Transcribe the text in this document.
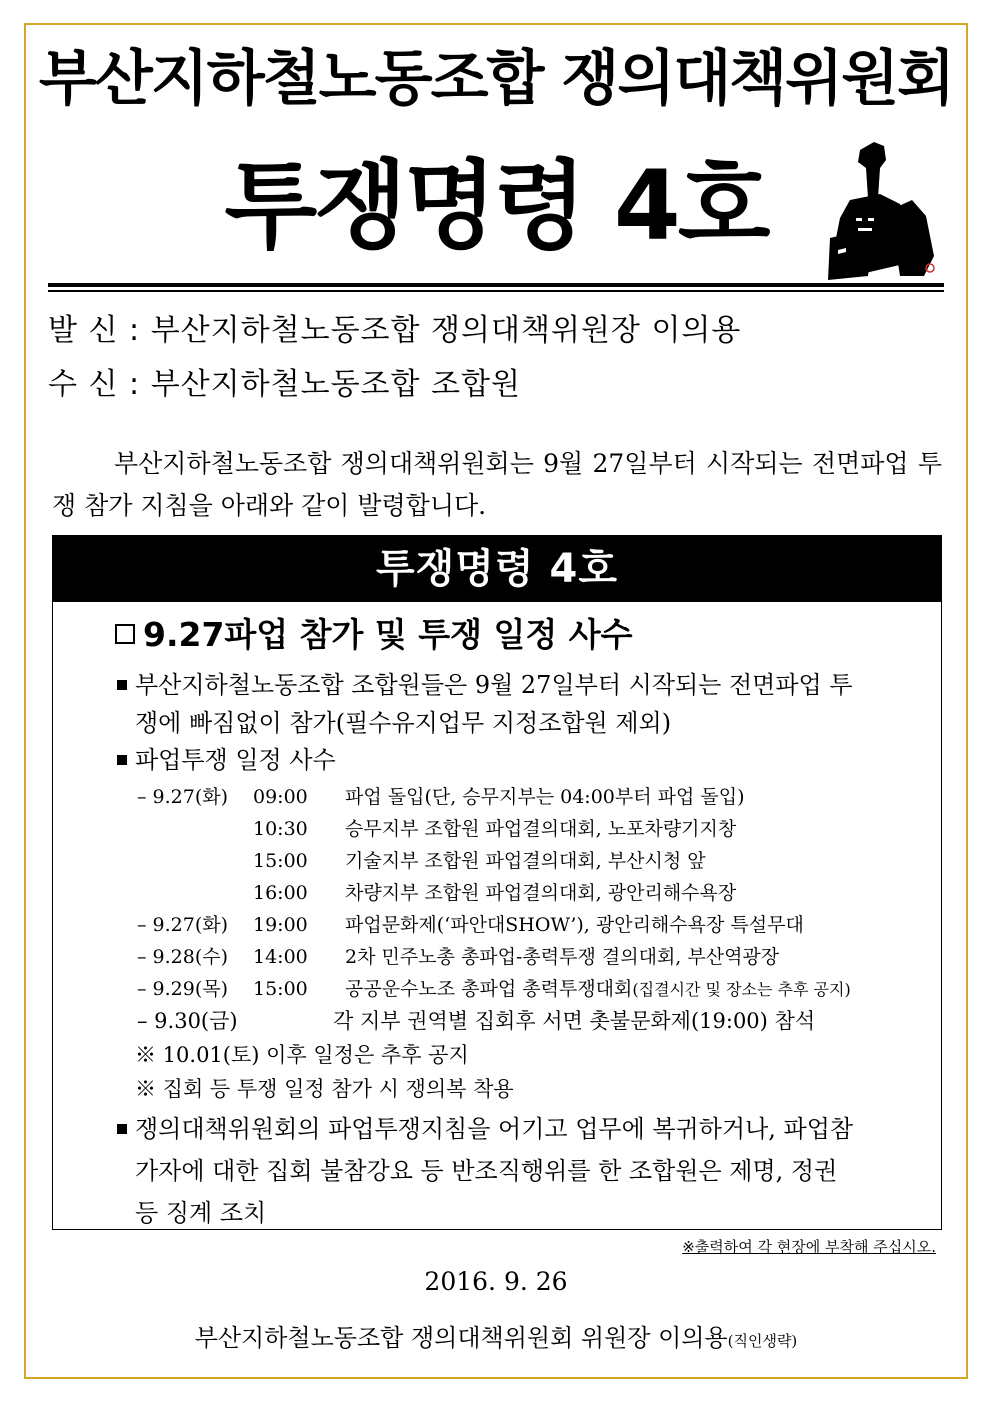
부산지하철노동조합 쟁의대책위원회
투쟁명령 4호
발 신 : 부산지하철노동조합 쟁의대책위원장 이의용
수 신 : 부산지하철노동조합 조합원

부산지하철노동조합 쟁의대책위원회는 9월 27일부터 시작되는 전면파업 투쟁 참가 지침을 아래와 같이 발령합니다.

투쟁명령 4호
9.27파업 참가 및 투쟁 일정 사수
부산지하철노동조합 조합원들은 9월 27일부터 시작되는 전면파업 투
쟁에 빠짐없이 참가(필수유지업무 지정조합원 제외)
파업투쟁 일정 사수
– 9.27(화) 09:00 파업 돌입(단, 승무지부는 04:00부터 파업 돌입)
10:30 승무지부 조합원 파업결의대회, 노포차량기지창
15:00 기술지부 조합원 파업결의대회, 부산시청 앞
16:00 차량지부 조합원 파업결의대회, 광안리해수욕장
– 9.27(화) 19:00 파업문화제(‘파안대SHOW’), 광안리해수욕장 특설무대
– 9.28(수) 14:00 2차 민주노총 총파업-총력투쟁 결의대회, 부산역광장
– 9.29(목) 15:00 공공운수노조 총파업 총력투쟁대회(집결시간 및 장소는 추후 공지)
– 9.30(금)	각 지부 권역별 집회후 서면 촛불문화제(19:00) 참석
※ 10.01(토) 이후 일정은 추후 공지
※ 집회 등 투쟁 일정 참가 시 쟁의복 착용
쟁의대책위원회의 파업투쟁지침을 어기고 업무에 복귀하거나, 파업참
가자에 대한 집회 불참강요 등 반조직행위를 한 조합원은 제명, 정권
등 징계 조치
※출력하여 각 현장에 부착해 주십시오.
2016. 9. 26
부산지하철노동조합 쟁의대책위원회 위원장 이의용(직인생략)
